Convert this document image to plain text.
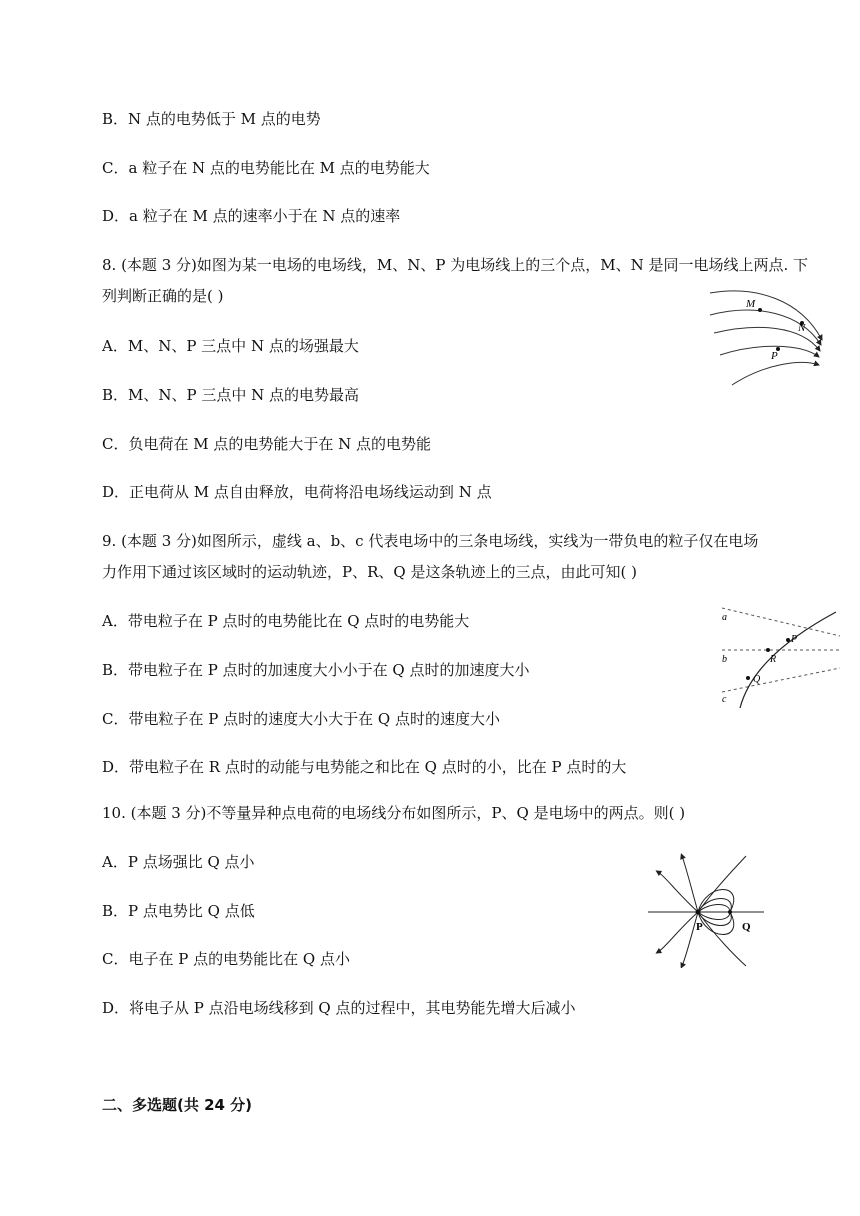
B．N 点的电势低于 M 点的电势
C．a 粒子在 N 点的电势能比在 M 点的电势能大
D．a 粒子在 M 点的速率小于在 N 点的速率
8. (本题 3 分)如图为某一电场的电场线，M、N、P 为电场线上的三个点，M、N 是同一电场线上两点. 下
列判断正确的是( )
A．M、N、P 三点中 N 点的场强最大
B．M、N、P 三点中 N 点的电势最高
C．负电荷在 M 点的电势能大于在 N 点的电势能
D．正电荷从 M 点自由释放，电荷将沿电场线运动到 N 点
M
N
P
9. (本题 3 分)如图所示，虚线 a、b、c 代表电场中的三条电场线，实线为一带负电的粒子仅在电场
力作用下通过该区域时的运动轨迹，P、R、Q 是这条轨迹上的三点，由此可知( )
A．带电粒子在 P 点时的电势能比在 Q 点时的电势能大
B．带电粒子在 P 点时的加速度大小小于在 Q 点时的加速度大小
C．带电粒子在 P 点时的速度大小大于在 Q 点时的速度大小
D．带电粒子在 R 点时的动能与电势能之和比在 Q 点时的小，比在 P 点时的大
a
b
c
P
R
Q
10. (本题 3 分)不等量异种点电荷的电场线分布如图所示，P、Q 是电场中的两点。则( )
A．P 点场强比 Q 点小
B．P 点电势比 Q 点低
C．电子在 P 点的电势能比在 Q 点小
D．将电子从 P 点沿电场线移到 Q 点的过程中，其电势能先增大后减小
P	Q
二、多选题(共 24 分)
